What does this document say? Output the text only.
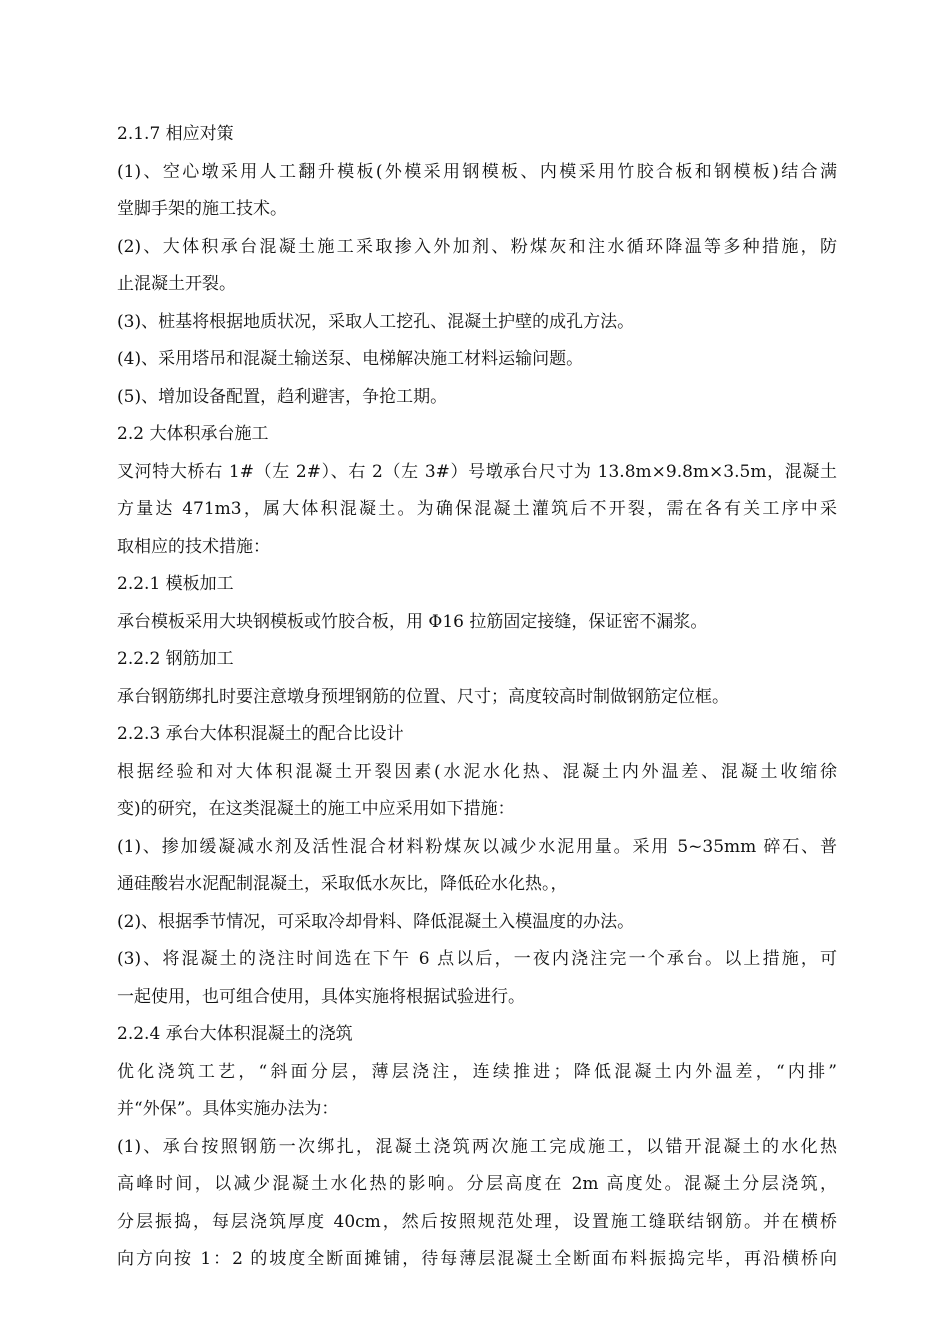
2.1.7 相应对策

(1)、空心墩采用人工翻升模板(外模采用钢模板、内模采用竹胶合板和钢模板)结合满

堂脚手架的施工技术。

(2)、大体积承台混凝土施工采取掺入外加剂、粉煤灰和注水循环降温等多种措施，防

止混凝土开裂。

(3)、桩基将根据地质状况，采取人工挖孔、混凝土护壁的成孔方法。

(4)、采用塔吊和混凝土输送泵、电梯解决施工材料运输问题。

(5)、增加设备配置，趋利避害，争抢工期。

2.2 大体积承台施工

叉河特大桥右 1#（左 2#）、右 2（左 3#）号墩承台尺寸为 13.8m×9.8m×3.5m，混凝土

方量达 471m3，属大体积混凝土。为确保混凝土灌筑后不开裂，需在各有关工序中采

取相应的技术措施：

2.2.1 模板加工

承台模板采用大块钢模板或竹胶合板，用 Φ16 拉筋固定接缝，保证密不漏浆。

2.2.2 钢筋加工

承台钢筋绑扎时要注意墩身预埋钢筋的位置、尺寸；高度较高时制做钢筋定位框。

2.2.3 承台大体积混凝土的配合比设计

根据经验和对大体积混凝土开裂因素(水泥水化热、混凝土内外温差、混凝土收缩徐

变)的研究，在这类混凝土的施工中应采用如下措施：

(1)、掺加缓凝减水剂及活性混合材料粉煤灰以减少水泥用量。采用 5~35mm 碎石、普

通硅酸岩水泥配制混凝土，采取低水灰比，降低砼水化热。，

(2)、根据季节情况，可采取冷却骨料、降低混凝土入模温度的办法。

(3)、将混凝土的浇注时间选在下午 6 点以后，一夜内浇注完一个承台。以上措施，可

一起使用，也可组合使用，具体实施将根据试验进行。

2.2.4 承台大体积混凝土的浇筑

优化浇筑工艺，“斜面分层，薄层浇注，连续推进；降低混凝土内外温差，“内排”

并“外保”。具体实施办法为：

(1)、承台按照钢筋一次绑扎，混凝土浇筑两次施工完成施工，以错开混凝土的水化热

高峰时间，以减少混凝土水化热的影响。分层高度在 2m 高度处。混凝土分层浇筑，

分层振捣，每层浇筑厚度 40cm，然后按照规范处理，设置施工缝联结钢筋。并在横桥

向方向按 1：2 的坡度全断面摊铺，待每薄层混凝土全断面布料振捣完毕，再沿横桥向
